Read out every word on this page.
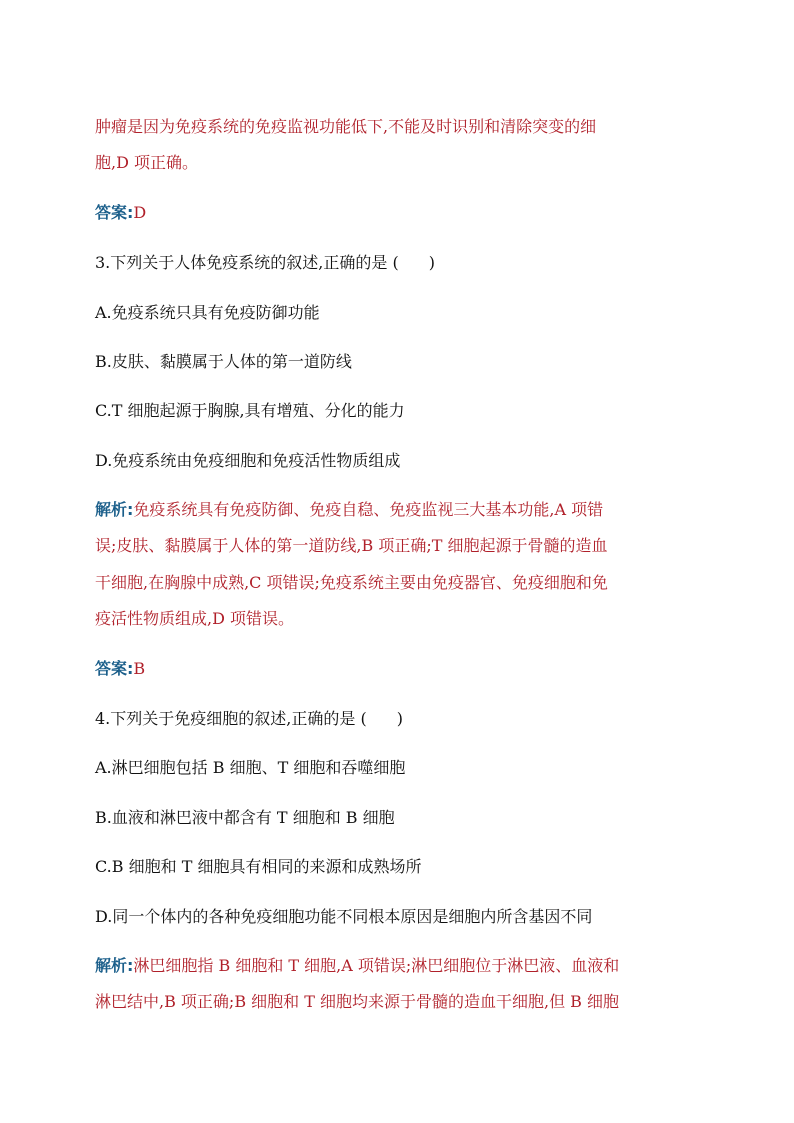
肿瘤是因为免疫系统的免疫监视功能低下,不能及时识别和清除突变的细
胞,D 项正确。
答案:D
3.下列关于人体免疫系统的叙述,正确的是 ( )
A.免疫系统只具有免疫防御功能
B.皮肤、黏膜属于人体的第一道防线
C.T 细胞起源于胸腺,具有增殖、分化的能力
D.免疫系统由免疫细胞和免疫活性物质组成
解析:免疫系统具有免疫防御、免疫自稳、免疫监视三大基本功能,A 项错
误;皮肤、黏膜属于人体的第一道防线,B 项正确;T 细胞起源于骨髓的造血
干细胞,在胸腺中成熟,C 项错误;免疫系统主要由免疫器官、免疫细胞和免
疫活性物质组成,D 项错误。
答案:B
4.下列关于免疫细胞的叙述,正确的是 ( )
A.淋巴细胞包括 B 细胞、T 细胞和吞噬细胞
B.血液和淋巴液中都含有 T 细胞和 B 细胞
C.B 细胞和 T 细胞具有相同的来源和成熟场所
D.同一个体内的各种免疫细胞功能不同根本原因是细胞内所含基因不同
解析:淋巴细胞指 B 细胞和 T 细胞,A 项错误;淋巴细胞位于淋巴液、血液和
淋巴结中,B 项正确;B 细胞和 T 细胞均来源于骨髓的造血干细胞,但 B 细胞
